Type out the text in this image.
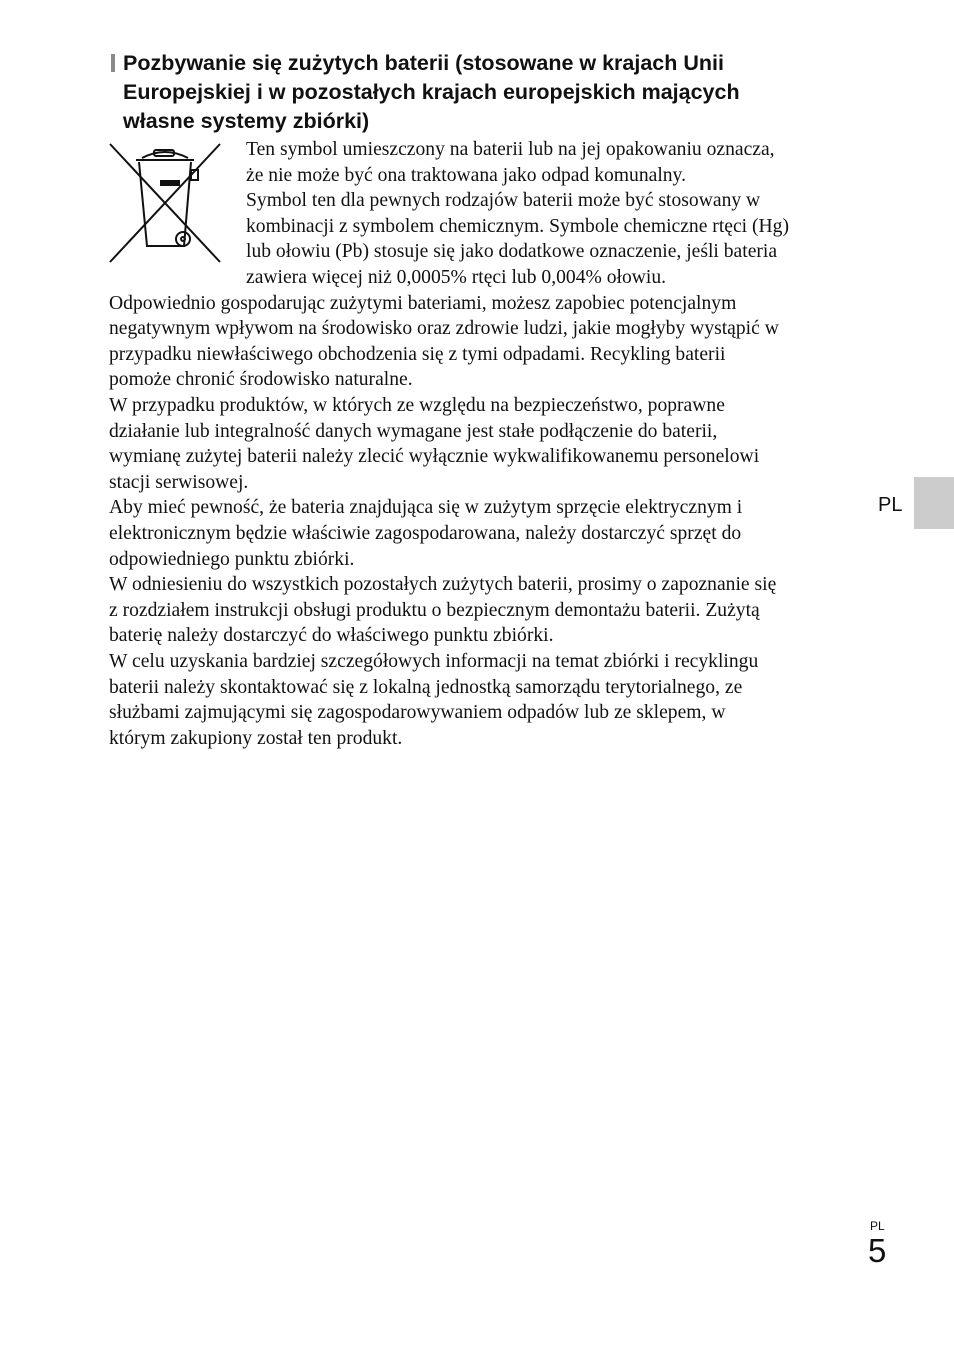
Pozbywanie się zużytych baterii (stosowane w krajach Unii
Europejskiej i w pozostałych krajach europejskich mających
własne systemy zbiórki)
Ten symbol umieszczony na baterii lub na jej opakowaniu oznacza,
że nie może być ona traktowana jako odpad komunalny.
Symbol ten dla pewnych rodzajów baterii może być stosowany w
kombinacji z symbolem chemicznym. Symbole chemiczne rtęci (Hg)
lub ołowiu (Pb) stosuje się jako dodatkowe oznaczenie, jeśli bateria
zawiera więcej niż 0,0005% rtęci lub 0,004% ołowiu.
Odpowiednio gospodarując zużytymi bateriami, możesz zapobiec potencjalnym
negatywnym wpływom na środowisko oraz zdrowie ludzi, jakie mogłyby wystąpić w
przypadku niewłaściwego obchodzenia się z tymi odpadami. Recykling baterii
pomoże chronić środowisko naturalne.
W przypadku produktów, w których ze względu na bezpieczeństwo, poprawne
działanie lub integralność danych wymagane jest stałe podłączenie do baterii,
wymianę zużytej baterii należy zlecić wyłącznie wykwalifikowanemu personelowi
stacji serwisowej.
Aby mieć pewność, że bateria znajdująca się w zużytym sprzęcie elektrycznym i
elektronicznym będzie właściwie zagospodarowana, należy dostarczyć sprzęt do
odpowiedniego punktu zbiórki.
W odniesieniu do wszystkich pozostałych zużytych baterii, prosimy o zapoznanie się
z rozdziałem instrukcji obsługi produktu o bezpiecznym demontażu baterii. Zużytą
baterię należy dostarczyć do właściwego punktu zbiórki.
W celu uzyskania bardziej szczegółowych informacji na temat zbiórki i recyklingu
baterii należy skontaktować się z lokalną jednostką samorządu terytorialnego, ze
służbami zajmującymi się zagospodarowywaniem odpadów lub ze sklepem, w
którym zakupiony został ten produkt.
PL
PL
5
